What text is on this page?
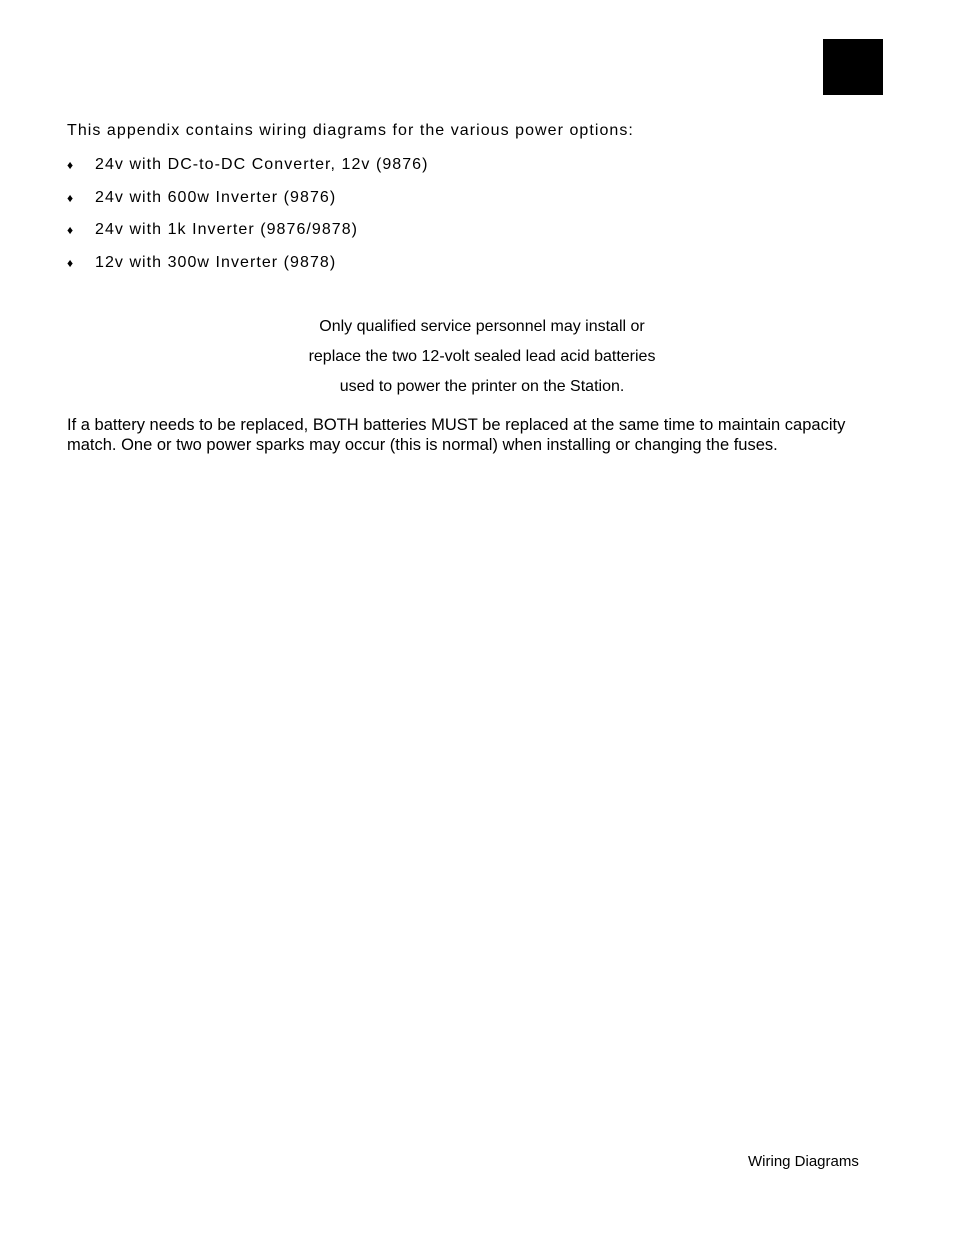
This appendix contains wiring diagrams for the various power options:
♦ 24v with DC-to-DC Converter, 12v (9876)
♦ 24v with 600w Inverter (9876)
♦ 24v with 1k Inverter (9876/9878)
♦ 12v with 300w Inverter (9878)
Only qualified service personnel may install or
replace the two 12-volt sealed lead acid batteries
used to power the printer on the Station.
If a battery needs to be replaced, BOTH batteries MUST be replaced at the same time to maintain capacity
match. One or two power sparks may occur (this is normal) when installing or changing the fuses.
Wiring Diagrams
